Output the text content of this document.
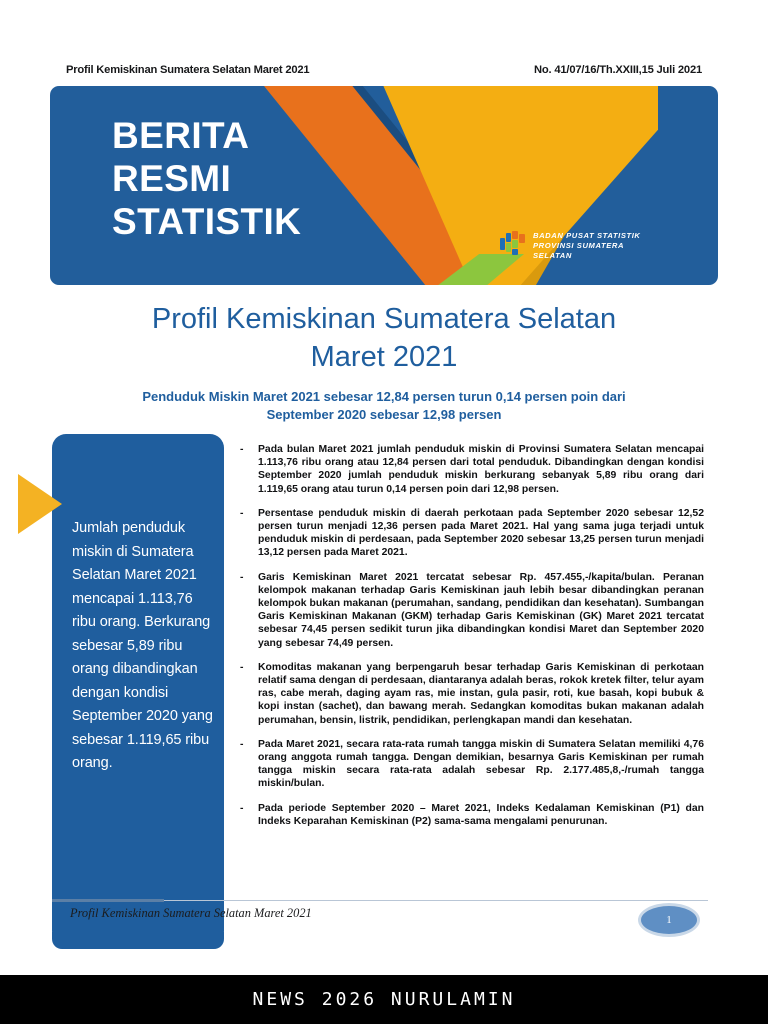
Profil Kemiskinan Sumatera Selatan Maret 2021	No. 41/07/16/Th.XXIII,15 Juli 2021
BERITA
RESMI
STATISTIK	BADAN PUSAT STATISTIK
PROVINSI SUMATERA
SELATAN
Profil Kemiskinan Sumatera Selatan
Maret 2021
Penduduk Miskin Maret 2021 sebesar 12,84 persen turun 0,14 persen poin dari
September 2020 sebesar 12,98 persen
Jumlah penduduk miskin di Sumatera Selatan Maret 2021 mencapai 1.113,76 ribu orang. Berkurang sebesar 5,89 ribu orang dibandingkan dengan kondisi September 2020 yang sebesar 1.119,65 ribu orang.
- Pada bulan Maret 2021 jumlah penduduk miskin di Provinsi Sumatera Selatan mencapai 1.113,76 ribu orang atau 12,84 persen dari total penduduk. Dibandingkan dengan kondisi September 2020 jumlah penduduk miskin berkurang sebanyak 5,89 ribu orang dari 1.119,65 orang atau turun 0,14 persen poin dari 12,98 persen.
- Persentase penduduk miskin di daerah perkotaan pada September 2020 sebesar 12,52 persen turun menjadi 12,36 persen pada Maret 2021. Hal yang sama juga terjadi untuk penduduk miskin di perdesaan, pada September 2020 sebesar 13,25 persen turun menjadi 13,12 persen pada Maret 2021.
- Garis Kemiskinan Maret 2021 tercatat sebesar Rp. 457.455,-/kapita/bulan. Peranan kelompok makanan terhadap Garis Kemiskinan jauh lebih besar dibandingkan peranan kelompok bukan makanan (perumahan, sandang, pendidikan dan kesehatan). Sumbangan Garis Kemiskinan Makanan (GKM) terhadap Garis Kemiskinan (GK) Maret 2021 tercatat sebesar 74,45 persen sedikit turun jika dibandingkan kondisi Maret dan September 2020 yang sebesar 74,49 persen.
- Komoditas makanan yang berpengaruh besar terhadap Garis Kemiskinan di perkotaan relatif sama dengan di perdesaan, diantaranya adalah beras, rokok kretek filter, telur ayam ras, cabe merah, daging ayam ras, mie instan, gula pasir, roti, kue basah, kopi bubuk & kopi instan (sachet), dan bawang merah. Sedangkan komoditas bukan makanan adalah perumahan, bensin, listrik, pendidikan, perlengkapan mandi dan kesehatan.
- Pada Maret 2021, secara rata-rata rumah tangga miskin di Sumatera Selatan memiliki 4,76 orang anggota rumah tangga. Dengan demikian, besarnya Garis Kemiskinan per rumah tangga miskin secara rata-rata adalah sebesar Rp. 2.177.485,8,-/rumah tangga miskin/bulan.
- Pada periode September 2020 – Maret 2021, Indeks Kedalaman Kemiskinan (P1) dan Indeks Keparahan Kemiskinan (P2) sama-sama mengalami penurunan.
Profil Kemiskinan Sumatera Selatan Maret 2021	1
NEWS 2026 NURULAMIN
